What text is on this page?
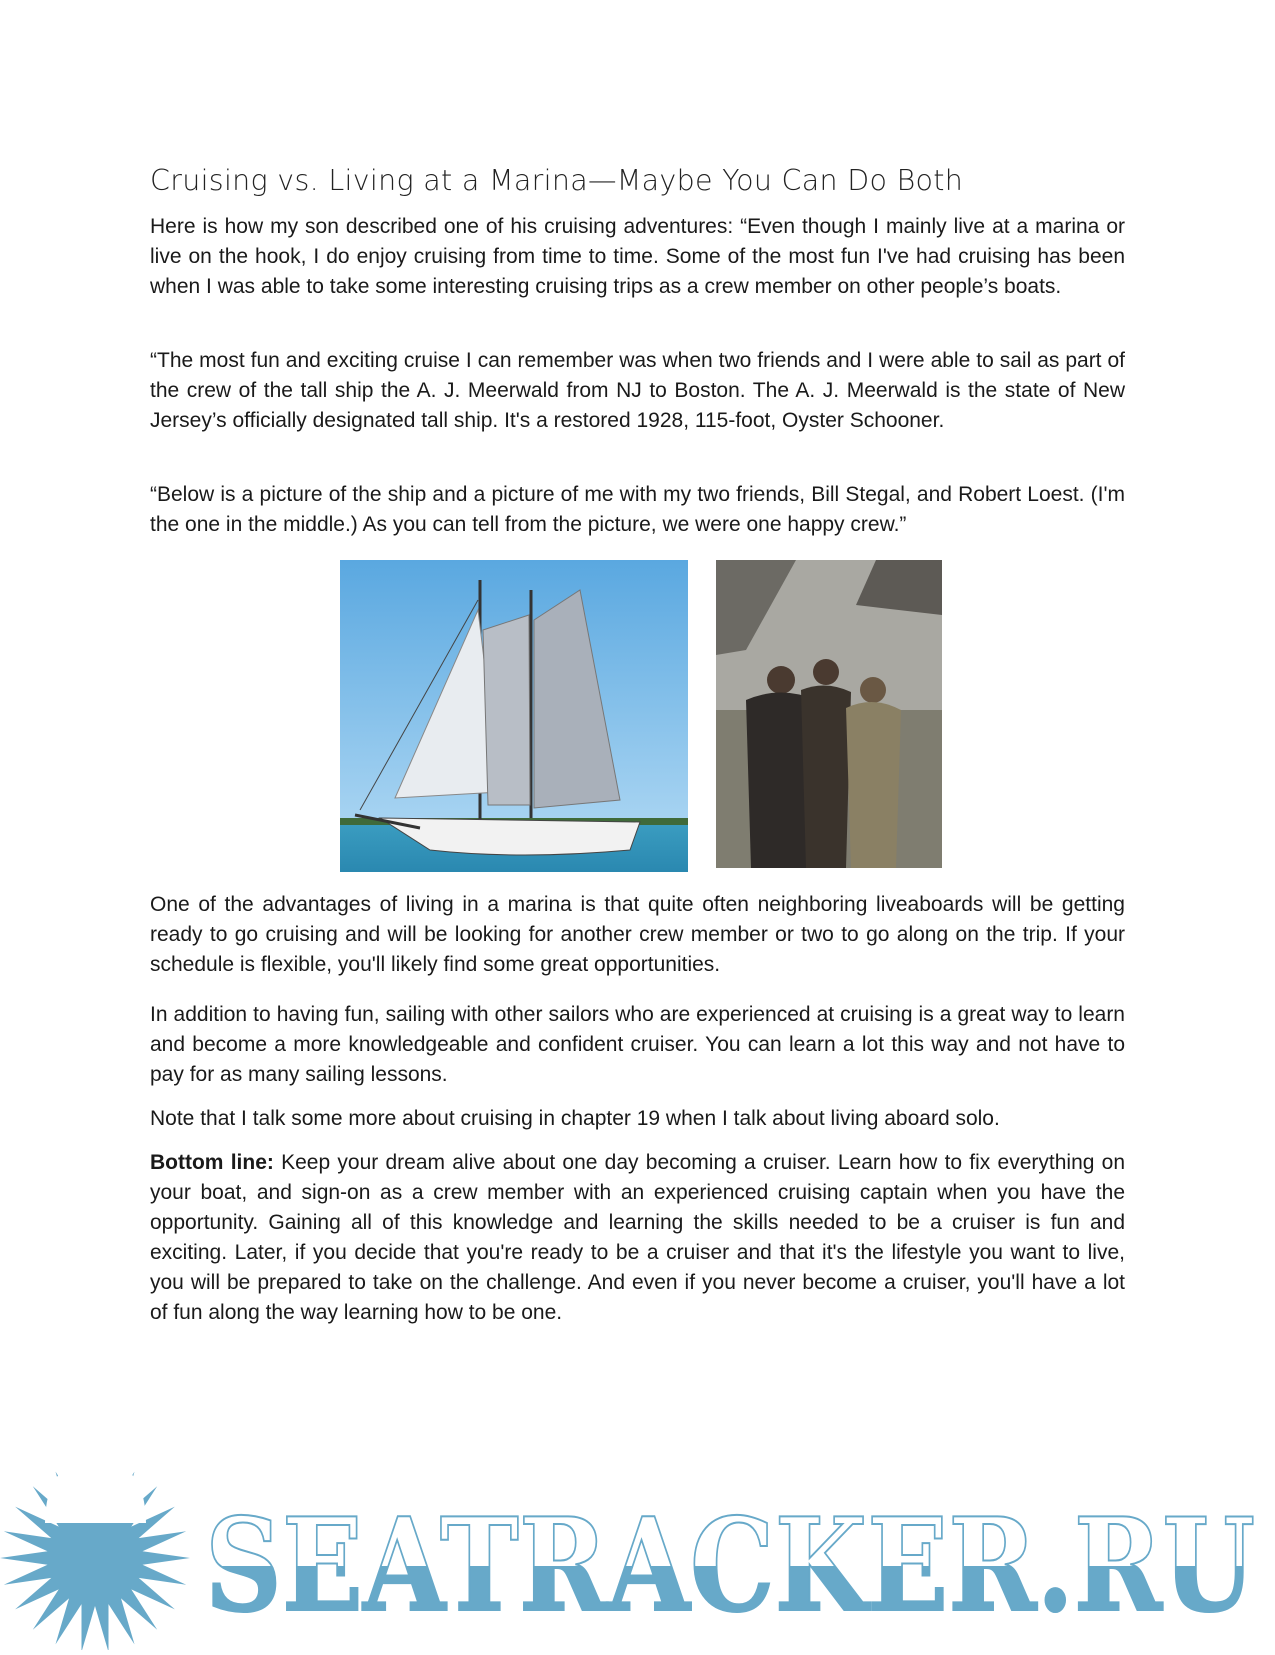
Cruising vs. Living at a Marina—Maybe You Can Do Both

Here is how my son described one of his cruising adventures: “Even though I mainly live at a marina or live on the hook, I do enjoy cruising from time to time. Some of the most fun I've had cruising has been when I was able to take some interesting cruising trips as a crew member on other people’s boats.

“The most fun and exciting cruise I can remember was when two friends and I were able to sail as part of the crew of the tall ship the A. J. Meerwald from NJ to Boston. The A. J. Meerwald is the state of New Jersey’s officially designated tall ship. It's a restored 1928, 115-foot, Oyster Schooner.

“Below is a picture of the ship and a picture of me with my two friends, Bill Stegal, and Robert Loest. (I'm the one in the middle.) As you can tell from the picture, we were one happy crew.”

One of the advantages of living in a marina is that quite often neighboring liveaboards will be getting ready to go cruising and will be looking for another crew member or two to go along on the trip. If your schedule is flexible, you'll likely find some great opportunities.

In addition to having fun, sailing with other sailors who are experienced at cruising is a great way to learn and become a more knowledgeable and confident cruiser. You can learn a lot this way and not have to pay for as many sailing lessons.

Note that I talk some more about cruising in chapter 19 when I talk about living aboard solo.

Bottom line: Keep your dream alive about one day becoming a cruiser. Learn how to fix everything on your boat, and sign-on as a crew member with an experienced cruising captain when you have the opportunity. Gaining all of this knowledge and learning the skills needed to be a cruiser is fun and exciting. Later, if you decide that you're ready to be a cruiser and that it's the lifestyle you want to live, you will be prepared to take on the challenge. And even if you never become a cruiser, you'll have a lot of fun along the way learning how to be one.

SEATRACKER.RU
